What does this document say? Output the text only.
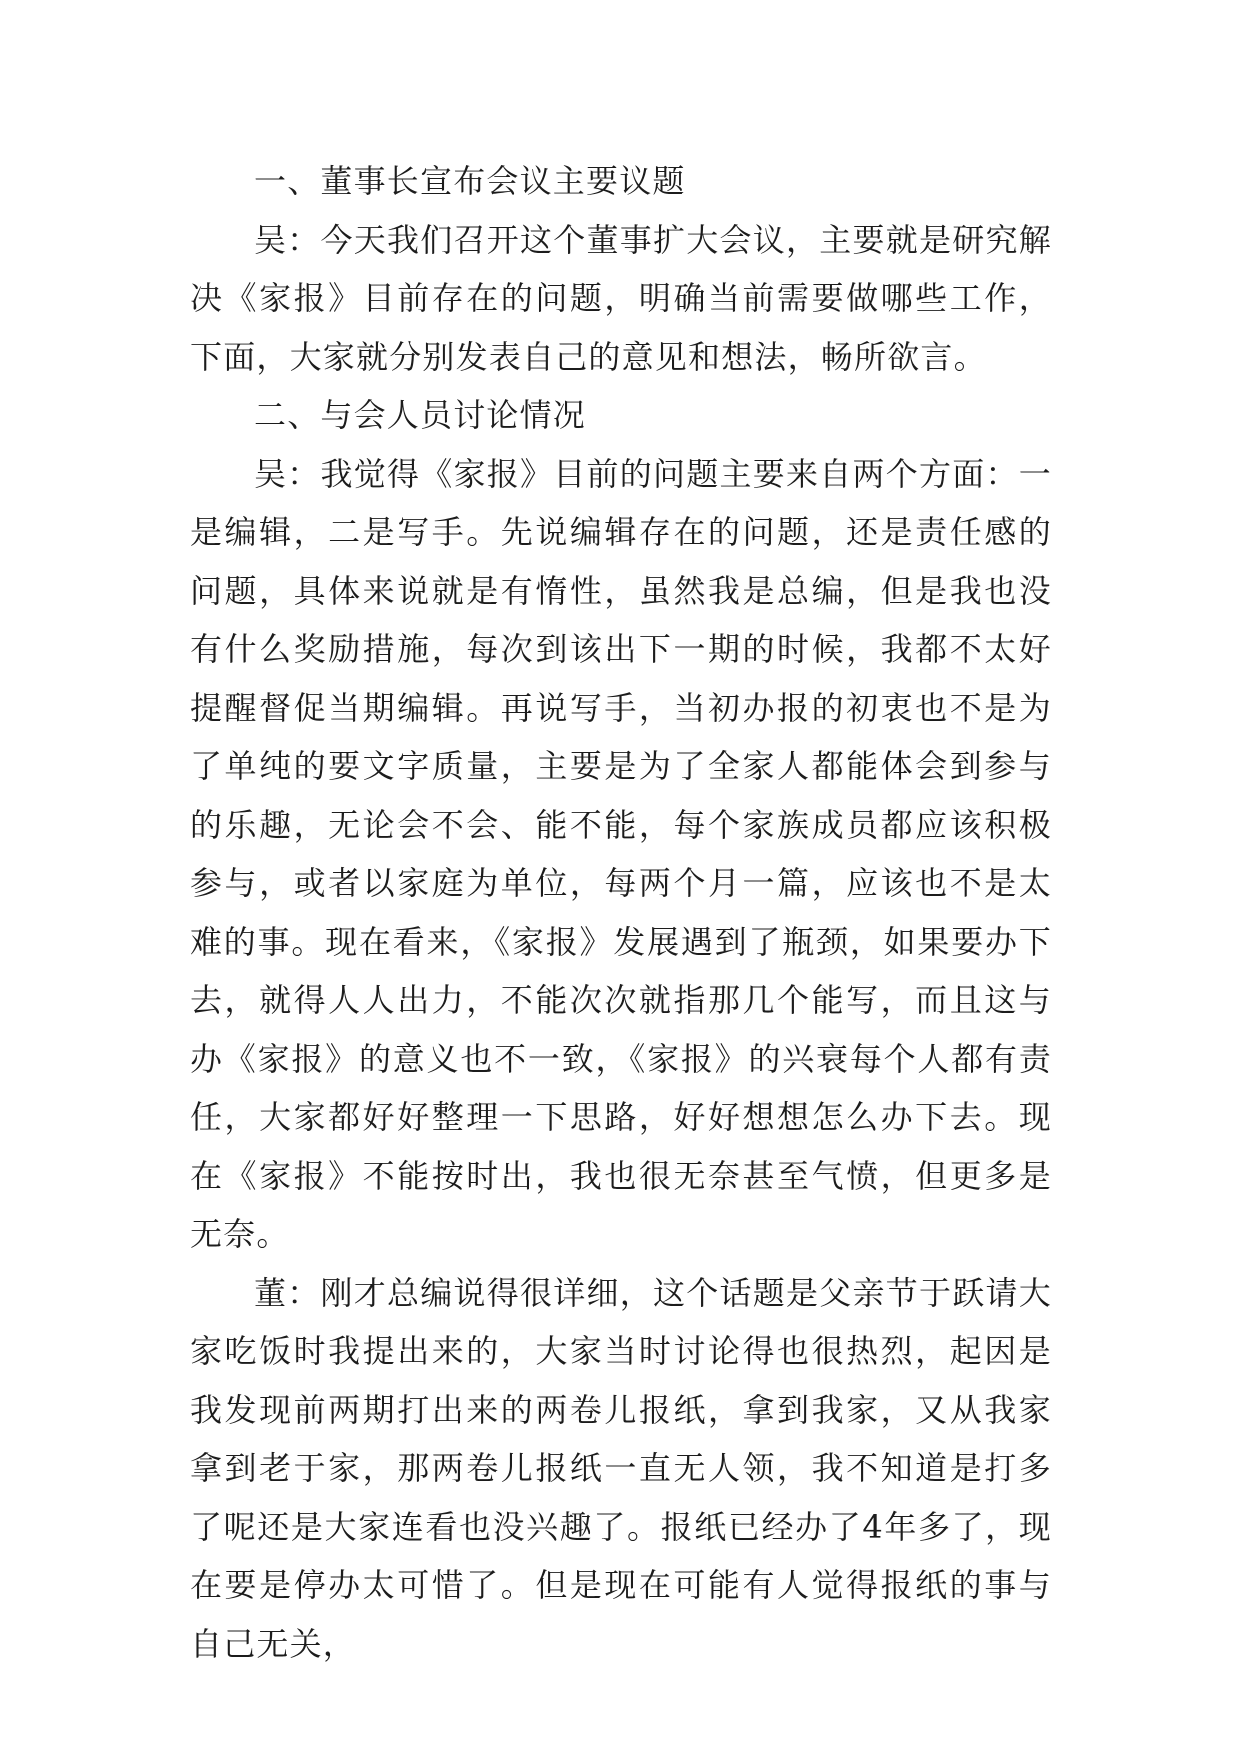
一、董事长宣布会议主要议题

吴：今天我们召开这个董事扩大会议，主要就是研究解决《家报》目前存在的问题，明确当前需要做哪些工作，下面，大家就分别发表自己的意见和想法，畅所欲言。

二、与会人员讨论情况

吴：我觉得《家报》目前的问题主要来自两个方面：一是编辑，二是写手。先说编辑存在的问题，还是责任感的问题，具体来说就是有惰性，虽然我是总编，但是我也没有什么奖励措施，每次到该出下一期的时候，我都不太好提醒督促当期编辑。再说写手，当初办报的初衷也不是为了单纯的要文字质量，主要是为了全家人都能体会到参与的乐趣，无论会不会、能不能，每个家族成员都应该积极参与，或者以家庭为单位，每两个月一篇，应该也不是太难的事。现在看来，《家报》发展遇到了瓶颈，如果要办下去，就得人人出力，不能次次就指那几个能写，而且这与办《家报》的意义也不一致，《家报》的兴衰每个人都有责任，大家都好好整理一下思路，好好想想怎么办下去。现在《家报》不能按时出，我也很无奈甚至气愤，但更多是无奈。

董：刚才总编说得很详细，这个话题是父亲节于跃请大家吃饭时我提出来的，大家当时讨论得也很热烈，起因是我发现前两期打出来的两卷儿报纸，拿到我家，又从我家拿到老于家，那两卷儿报纸一直无人领，我不知道是打多了呢还是大家连看也没兴趣了。报纸已经办了4年多了，现在要是停办太可惜了。但是现在可能有人觉得报纸的事与自己无关，
